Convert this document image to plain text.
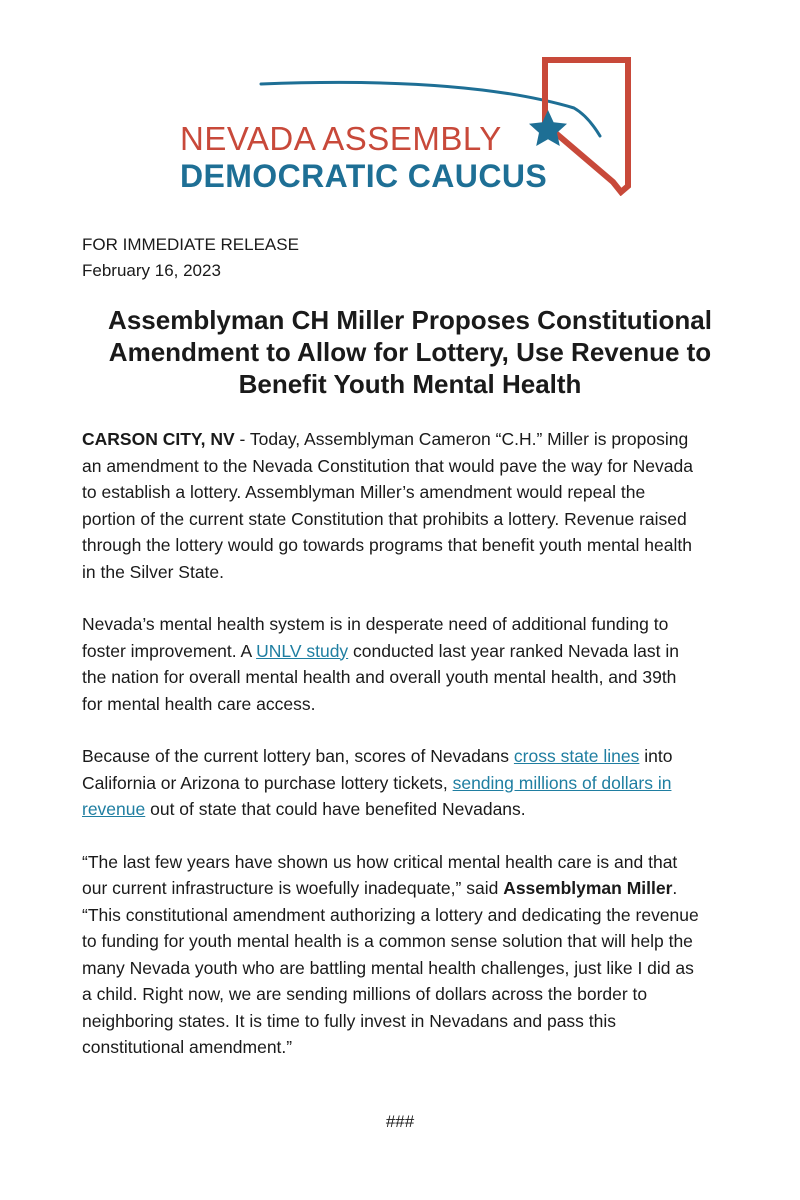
NEVADA ASSEMBLY
DEMOCRATIC CAUCUS
FOR IMMEDIATE RELEASE
February 16, 2023
Assemblyman CH Miller Proposes Constitutional
Amendment to Allow for Lottery, Use Revenue to
Benefit Youth Mental Health

CARSON CITY, NV - Today, Assemblyman Cameron “C.H.” Miller is proposing
an amendment to the Nevada Constitution that would pave the way for Nevada
to establish a lottery. Assemblyman Miller’s amendment would repeal the
portion of the current state Constitution that prohibits a lottery. Revenue raised
through the lottery would go towards programs that benefit youth mental health
in the Silver State.

Nevada’s mental health system is in desperate need of additional funding to
foster improvement. A UNLV study conducted last year ranked Nevada last in
the nation for overall mental health and overall youth mental health, and 39th
for mental health care access.

Because of the current lottery ban, scores of Nevadans cross state lines into
California or Arizona to purchase lottery tickets, sending millions of dollars in
revenue out of state that could have benefited Nevadans.

“The last few years have shown us how critical mental health care is and that
our current infrastructure is woefully inadequate,” said Assemblyman Miller.
“This constitutional amendment authorizing a lottery and dedicating the revenue
to funding for youth mental health is a common sense solution that will help the
many Nevada youth who are battling mental health challenges, just like I did as
a child. Right now, we are sending millions of dollars across the border to
neighboring states. It is time to fully invest in Nevadans and pass this
constitutional amendment.”

###
